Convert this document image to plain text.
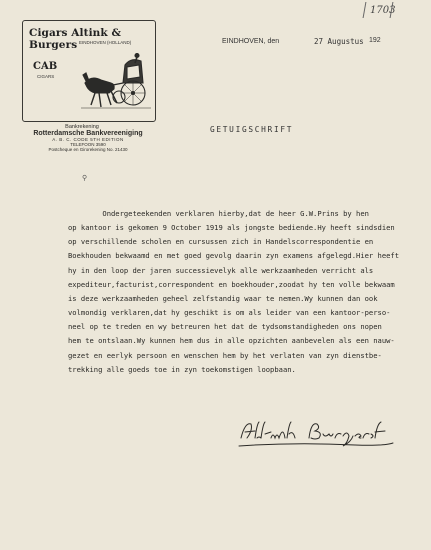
1703
Cigars Altink & Burgers EINDHOVEN (HOLLAND)
CAB
CIGARS
Bankrekening
Rotterdamsche Bankvereeniging
A. B. C. CODE 5TH EDITION
TELEFOON 3590
Postcheque en Girorekening No. 21430
⚲
EINDHOVEN, den	27 Augustus 192
GETUIGSCHRIFT
Ondergeteekenden verklaren hierby,dat de heer G.W.Prins by hen
op kantoor is gekomen 9 October 1919 als jongste bediende.Hy heeft sindsdien
op verschillende scholen en cursussen zich in Handelscorrespondentie en
Boekhouden bekwaamd en met goed gevolg daarin zyn examens afgelegd.Hier heeft
hy in den loop der jaren successievelyk alle werkzaamheden verricht als
expediteur,facturist,correspondent en boekhouder,zoodat hy ten volle bekwaam
is deze werkzaamheden geheel zelfstandig waar te nemen.Wy kunnen dan ook
volmondig verklaren,dat hy geschikt is om als leider van een kantoor-perso-
neel op te treden en wy betreuren het dat de tydsomstandigheden ons nopen
hem te ontslaan.Wy kunnen hem dus in alle opzichten aanbevelen als een nauw-
gezet en eerlyk persoon en wenschen hem by het verlaten van zyn dienstbe-
trekking alle goeds toe in zyn toekomstigen loopbaan.
